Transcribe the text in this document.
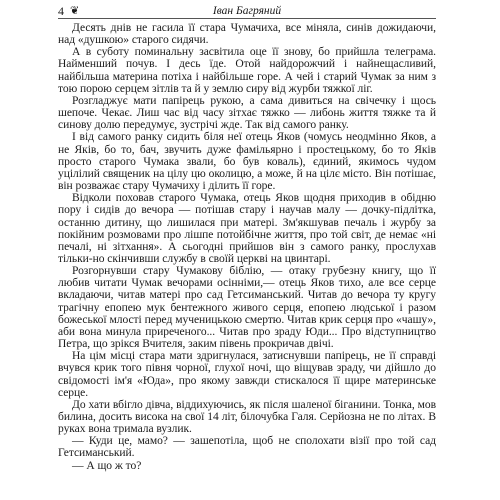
4 ❦	Іван Багряний

Десять днів не гасила її стара Чумачиха, все міняла, синів дожидаючи, над «душкою» старого сидячи.

А в суботу поминальну засвітила оце її знову, бо прийшла телеграма. Найменший почув. І десь їде. Отой найдорожчий і найнещасливий, найбільша материна потіха і найбільше горе. А чей і старий Чумак за ним з тою порою серцем зітлів та й у землю сиру від журби тяжкої ліг.

Розгладжує мати папірець рукою, а сама дивиться на свічечку і щось шепоче. Чекає. Лиш час від часу зітхає тяжко — либонь життя тяжке та й синову долю передумує, зустрічі жде. Так від самого ранку.

І від самого ранку сидить біля неї отець Яков (чомусь неодмінно Яков, а не Яків, бо то, бач, звучить дуже фамільярно і простецькому, бо то Яків просто старого Чумака звали, бо був коваль), єдиний, якимось чудом уцілілий священик на цілу цю околицю, а може, й на цілє місто. Він потішає, він розважає стару Чумачиху і ділить її горе.

Відколи поховав старого Чумака, отець Яков щодня приходив в обідню пору і сидів до вечора — потішав стару і научав малу — дочку-підлітка, останню дитину, що лишилася при матері. Зм'якшував печаль і журбу за покійним розмовами про лішпе потойбічне життя, про той світ, де немає «ні печалі, ні зітхання». А сьогодні прийшов він з самого ранку, прослухав тільки-но скінчивши службу в своїй церкві на цвинтарі.

Розгорнувши стару Чумакову біблію, — отаку грубезну книгу, що її любив читати Чумак вечорами осінніми,— отець Яков тихо, але все серце вкладаючи, читав матері про сад Гетсиманський. Читав до вечора ту кругу трагічну епопею мук бентежного живого серця, епопею людської і разом божеської млості перед мученицькою смертю. Читав крик серця про «чашу», аби вона минула приреченого... Читав про зраду Юди... Про відступництво Петра, що зрікся Вчителя, заким півень прокричав двічі.

На цім місці стара мати здригнулася, затиснувши папірець, не її справді вчувся крик того півня чорної, глухої ночі, що віщував зраду, чи дійшло до свідомості ім'я «Юда», про якому завжди стискалося її щире материнське серце.

До хати вбігло дівча, віддихуючись, як після шаленої біганини. Тонка, мов билина, досить висока на свої 14 літ, білочубка Галя. Серйозна не по літах. В руках вона тримала вузлик.

— Куди це, мамо? — зашепотіла, щоб не сполохати візії про той сад Гетсиманський.

— А що ж то?
